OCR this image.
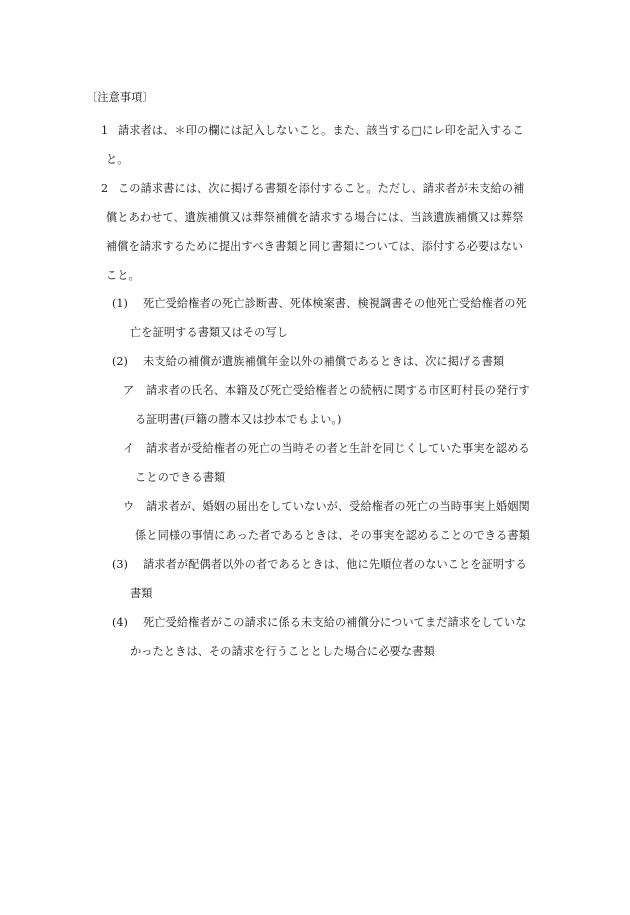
〔注意事項〕
1 請求者は、＊印の欄には記入しないこと。また、該当する□にレ印を記入するこ
と。
2 この請求書には、次に掲げる書類を添付すること。ただし、請求者が未支給の補
償とあわせて、遺族補償又は葬祭補償を請求する場合には、当該遺族補償又は葬祭
補償を請求するために提出すべき書類と同じ書類については、添付する必要はない
こと。
(1) 死亡受給権者の死亡診断書、死体検案書、検視調書その他死亡受給権者の死
亡を証明する書類又はその写し
(2) 未支給の補償が遺族補償年金以外の補償であるときは、次に掲げる書類
ア 請求者の氏名、本籍及び死亡受給権者との続柄に関する市区町村長の発行す
る証明書(戸籍の謄本又は抄本でもよい。)
イ 請求者が受給権者の死亡の当時その者と生計を同じくしていた事実を認める
ことのできる書類
ウ 請求者が、婚姻の届出をしていないが、受給権者の死亡の当時事実上婚姻関
係と同様の事情にあった者であるときは、その事実を認めることのできる書類
(3) 請求者が配偶者以外の者であるときは、他に先順位者のないことを証明する
書類
(4) 死亡受給権者がこの請求に係る未支給の補償分についてまだ請求をしていな
かったときは、その請求を行うこととした場合に必要な書類
